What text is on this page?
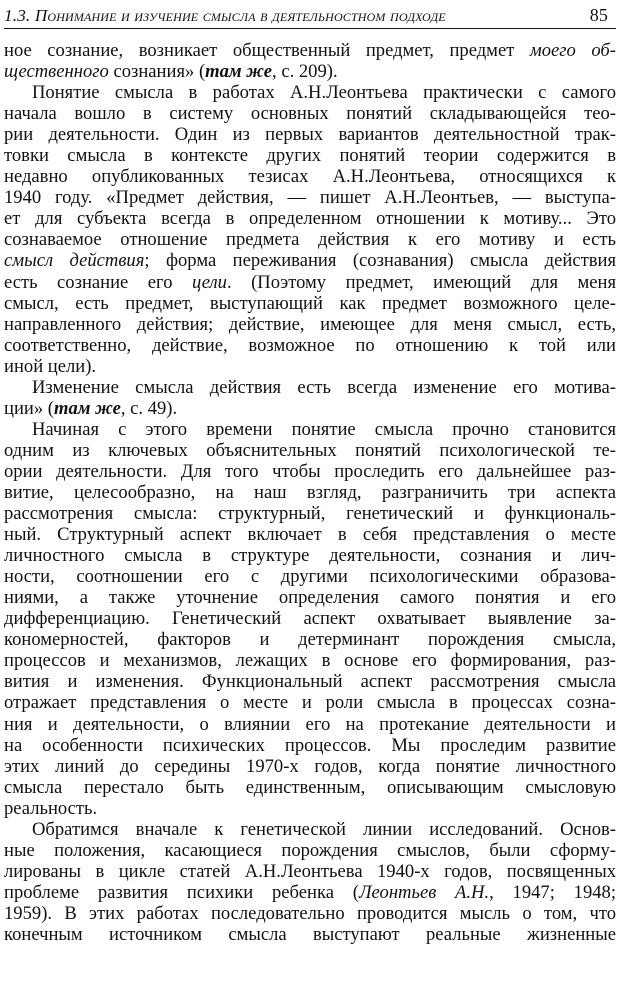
1.3. Понимание и изучение смысла в деятельностном подходе	85
ное сознание, возникает общественный предмет, предмет моего об-
щественного сознания» (там же, с. 209).
Понятие смысла в работах А.Н.Леонтьева практически с самого
начала вошло в систему основных понятий складывающейся тео-
рии деятельности. Один из первых вариантов деятельностной трак-
товки смысла в контексте других понятий теории содержится в
недавно опубликованных тезисах А.Н.Леонтьева, относящихся к
1940 году. «Предмет действия, — пишет А.Н.Леонтьев, — выступа-
ет для субъекта всегда в определенном отношении к мотиву... Это
сознаваемое отношение предмета действия к его мотиву и есть
смысл действия; форма переживания (сознавания) смысла действия
есть сознание его цели. (Поэтому предмет, имеющий для меня
смысл, есть предмет, выступающий как предмет возможного целе-
направленного действия; действие, имеющее для меня смысл, есть,
соответственно, действие, возможное по отношению к той или
иной цели).
Изменение смысла действия есть всегда изменение его мотива-
ции» (там же, с. 49).
Начиная с этого времени понятие смысла прочно становится
одним из ключевых объяснительных понятий психологической те-
ории деятельности. Для того чтобы проследить его дальнейшее раз-
витие, целесообразно, на наш взгляд, разграничить три аспекта
рассмотрения смысла: структурный, генетический и функциональ-
ный. Структурный аспект включает в себя представления о месте
личностного смысла в структуре деятельности, сознания и лич-
ности, соотношении его с другими психологическими образова-
ниями, а также уточнение определения самого понятия и его
дифференциацию. Генетический аспект охватывает выявление за-
кономерностей, факторов и детерминант порождения смысла,
процессов и механизмов, лежащих в основе его формирования, раз-
вития и изменения. Функциональный аспект рассмотрения смысла
отражает представления о месте и роли смысла в процессах созна-
ния и деятельности, о влиянии его на протекание деятельности и
на особенности психических процессов. Мы проследим развитие
этих линий до середины 1970-х годов, когда понятие личностного
смысла перестало быть единственным, описывающим смысловую
реальность.
Обратимся вначале к генетической линии исследований. Основ-
ные положения, касающиеся порождения смыслов, были сформу-
лированы в цикле статей А.Н.Леонтьева 1940-х годов, посвященных
проблеме развития психики ребенка (Леонтьев А.Н., 1947; 1948;
1959). В этих работах последовательно проводится мысль о том, что
конечным источником смысла выступают реальные жизненные
